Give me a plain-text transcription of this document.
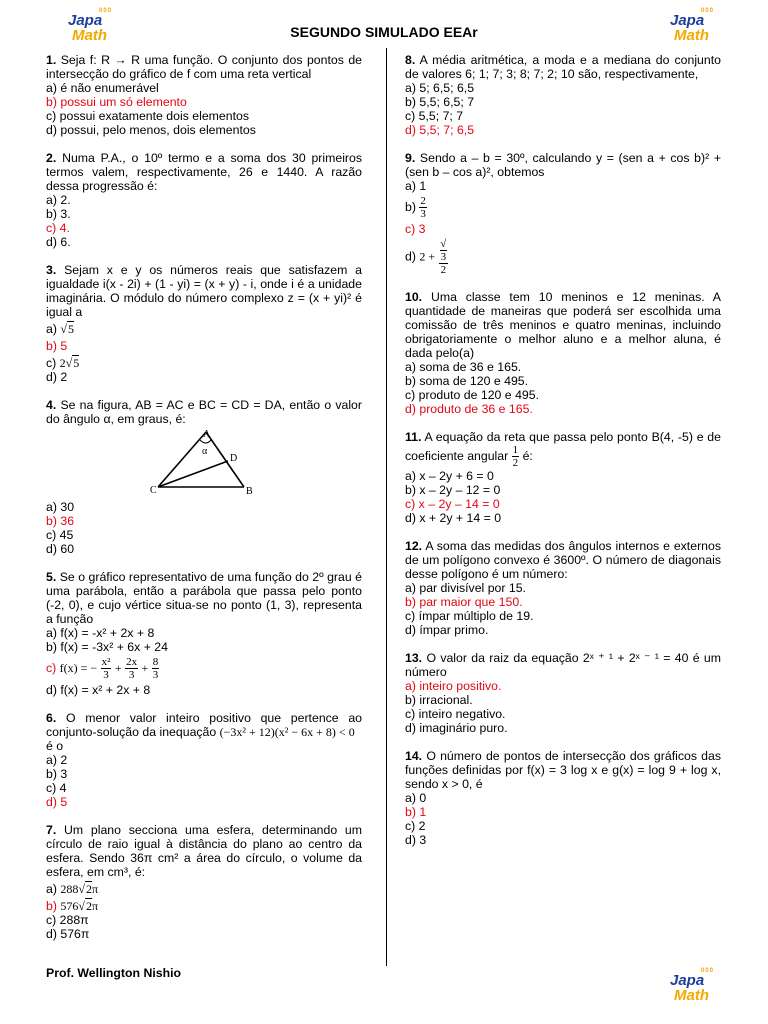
000
Japa
Math
000
Japa
Math
000
Japa
Math
SEGUNDO SIMULADO EEAr

1. Seja f: R → R uma função. O conjunto dos pontos de intersecção do gráfico de f com uma reta vertical

a) é não enumerável
b) possui um só elemento
c) possui exatamente dois elementos
d) possui, pelo menos, dois elementos

2. Numa P.A., o 10º termo e a soma dos 30 primeiros termos valem, respectivamente, 26 e 1440. A razão dessa progressão é:

a) 2.
b) 3.
c) 4.
d) 6.

3. Sejam x e y os números reais que satisfazem a igualdade i(x - 2i) + (1 - yi) = (x + y) - i, onde i é a unidade imaginária. O módulo do número complexo z = (x + yi)² é igual a

a) √5
b) 5
c) 2√5
d) 2

4. Se na figura, AB = AC e BC = CD = DA, então o valor do ângulo α, em graus, é:

A
α
D
C	B
a) 30
b) 36
c) 45
d) 60

5. Se o gráfico representativo de uma função do 2º grau é uma parábola, então a parábola que passa pelo ponto (-2, 0), e cujo vértice situa-se no ponto (1, 3), representa a função

a) f(x) = -x² + 2x + 8
b) f(x) = -3x² + 6x + 24
c) f(x) = − $\frac{\text{x²}}{3} + \frac{2x}{3} + \frac{8}{3}$
d) f(x) = x² + 2x + 8

6. O menor valor inteiro positivo que pertence ao conjunto-solução da inequação (−3x² + 12)(x² − 6x + 8) < 0

é o
a) 2
b) 3
c) 4
d) 5

7. Um plano secciona uma esfera, determinando um círculo de raio igual à distância do plano ao centro da esfera. Sendo 36π cm² a área do círculo, o volume da esfera, em cm³, é:

a) 288√2π
b) 576√2π
c) 288π
d) 576π

8. A média aritmética, a moda e a mediana do conjunto de valores 6; 1; 7; 3; 8; 7; 2; 10 são, respectivamente,

a) 5; 6,5; 6,5
b) 5,5; 6,5; 7
c) 5,5; 7; 7
d) 5,5; 7; 6,5

9. Sendo a – b = 30º, calculando y = (sen a + cos b)² + (sen b – cos a)², obtemos

a) 1
$b) \frac{2}{3}$
c) 3
d) 2 + √
3
2

10. Uma classe tem 10 meninos e 12 meninas. A quantidade de maneiras que poderá ser escolhida uma comissão de três meninos e quatro meninas, incluindo obrigatoriamente o melhor aluno e a melhor aluna, é dada pelo(a)

a) soma de 36 e 165.
b) soma de 120 e 495.
c) produto de 120 e 495.
d) produto de 36 e 165.

11. A equação da reta que passa pelo ponto B(4, -5) e de coeficiente angular $\frac{1}{2}$ é:

a) x – 2y + 6 = 0
b) x – 2y – 12 = 0
c) x – 2y – 14 = 0
d) x + 2y + 14 = 0

12. A soma das medidas dos ângulos internos e externos de um polígono convexo é 3600º. O número de diagonais desse polígono é um número:

a) par divisível por 15.
b) par maior que 150.
c) ímpar múltiplo de 19.
d) ímpar primo.

13. O valor da raiz da equação 2ˣ ⁺ ¹ + 2ˣ ⁻ ¹ = 40 é um número

a) inteiro positivo.
b) irracional.
c) inteiro negativo.
d) imaginário puro.

14. O número de pontos de intersecção dos gráficos das funções definidas por f(x) = 3 log x e g(x) = log 9 + log x, sendo x > 0, é

a) 0
b) 1
c) 2
d) 3
Prof. Wellington Nishio
